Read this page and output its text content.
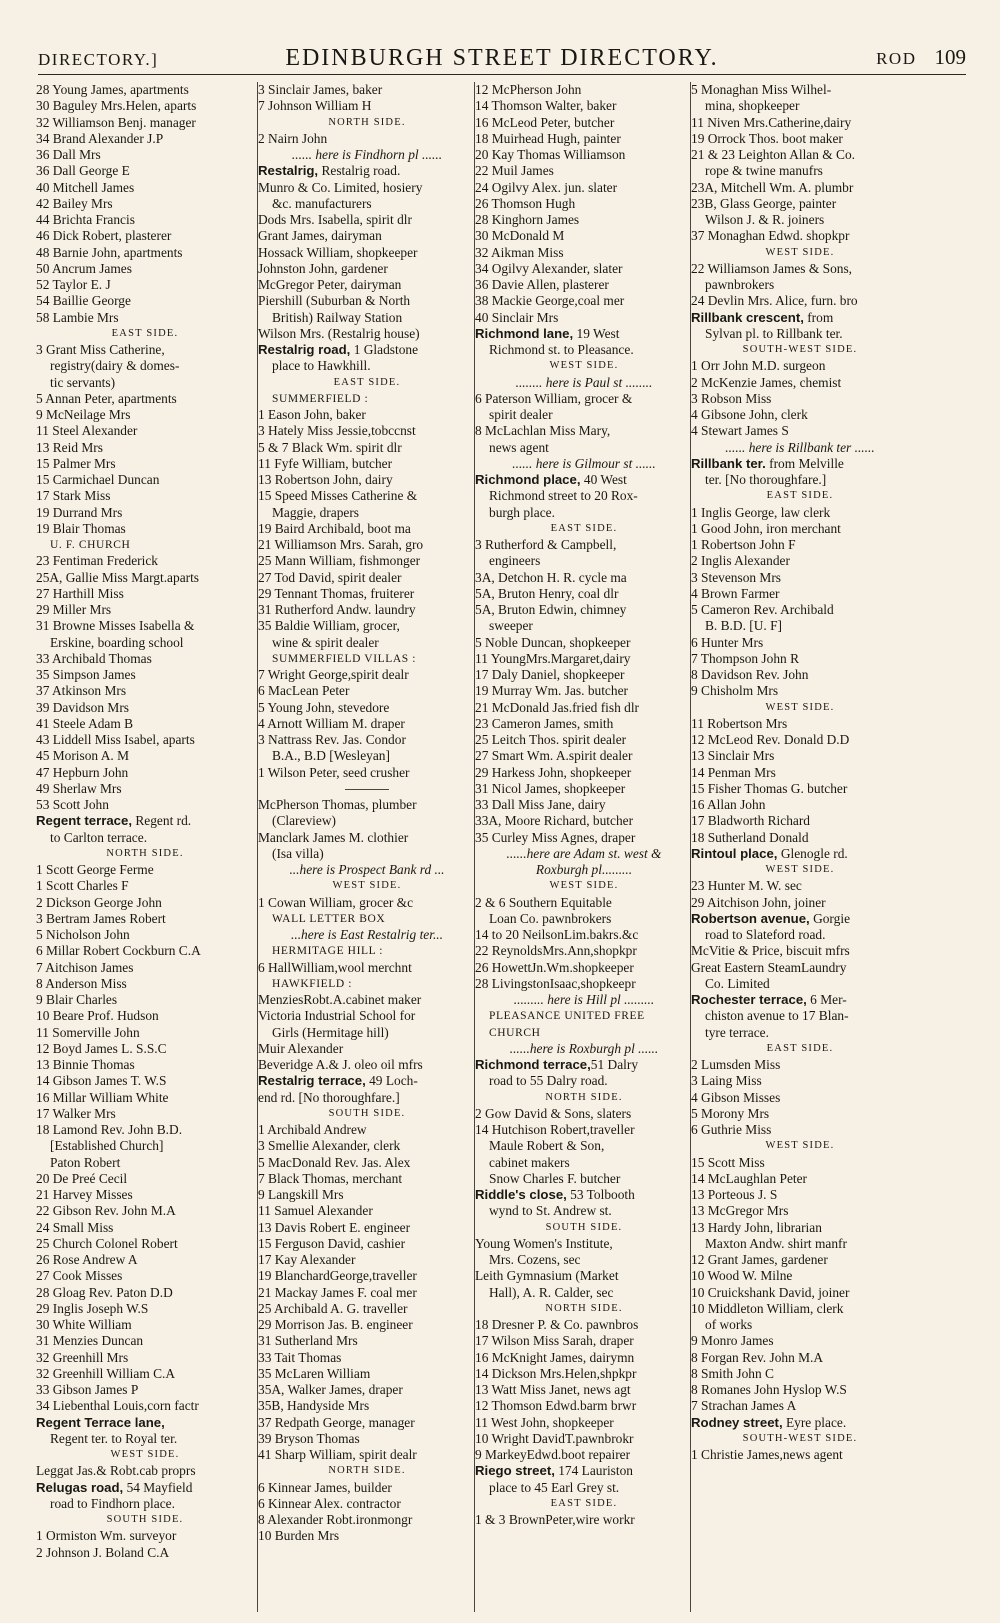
DIRECTORY.]	EDINBURGH STREET DIRECTORY.	ROD 109
28 Young James, apartments
30 Baguley Mrs.Helen, aparts
32 Williamson Benj. manager
34 Brand Alexander J.P
36 Dall Mrs
36 Dall George E
40 Mitchell James
42 Bailey Mrs
44 Brichta Francis
46 Dick Robert, plasterer
48 Barnie John, apartments
50 Ancrum James
52 Taylor E. J
54 Baillie George
58 Lambie Mrs
EAST SIDE.
3 Grant Miss Catherine,
registry(dairy & domes-
tic servants)
5 Annan Peter, apartments
9 McNeilage Mrs
11 Steel Alexander
13 Reid Mrs
15 Palmer Mrs
15 Carmichael Duncan
17 Stark Miss
19 Durrand Mrs
19 Blair Thomas
U. F. CHURCH
23 Fentiman Frederick
25A, Gallie Miss Margt.aparts
27 Harthill Miss
29 Miller Mrs
31 Browne Misses Isabella &
Erskine, boarding school
33 Archibald Thomas
35 Simpson James
37 Atkinson Mrs
39 Davidson Mrs
41 Steele Adam B
43 Liddell Miss Isabel, aparts
45 Morison A. M
47 Hepburn John
49 Sherlaw Mrs
53 Scott John
Regent terrace, Regent rd.
to Carlton terrace.
NORTH SIDE.
1 Scott George Ferme
1 Scott Charles F
2 Dickson George John
3 Bertram James Robert
5 Nicholson John
6 Millar Robert Cockburn C.A
7 Aitchison James
8 Anderson Miss
9 Blair Charles
10 Beare Prof. Hudson
11 Somerville John
12 Boyd James L. S.S.C
13 Binnie Thomas
14 Gibson James T. W.S
16 Millar William White
17 Walker Mrs
18 Lamond Rev. John B.D.
[Established Church]
Paton Robert
20 De Preé Cecil
21 Harvey Misses
22 Gibson Rev. John M.A
24 Small Miss
25 Church Colonel Robert
26 Rose Andrew A
27 Cook Misses
28 Gloag Rev. Paton D.D
29 Inglis Joseph W.S
30 White William
31 Menzies Duncan
32 Greenhill Mrs
32 Greenhill William C.A
33 Gibson James P
34 Liebenthal Louis,corn factr
Regent Terrace lane,
Regent ter. to Royal ter.
WEST SIDE.
Leggat Jas.& Robt.cab proprs
Relugas road, 54 Mayfield
road to Findhorn place.
SOUTH SIDE.
1 Ormiston Wm. surveyor
2 Johnson J. Boland C.A
3 Sinclair James, baker
7 Johnson William H
NORTH SIDE.
2 Nairn John
...... here is Findhorn pl ......
Restalrig, Restalrig road.
Munro & Co. Limited, hosiery
&c. manufacturers
Dods Mrs. Isabella, spirit dlr
Grant James, dairyman
Hossack William, shopkeeper
Johnston John, gardener
McGregor Peter, dairyman
Piershill (Suburban & North
British) Railway Station
Wilson Mrs. (Restalrig house)
Restalrig road, 1 Gladstone
place to Hawkhill.
EAST SIDE.
SUMMERFIELD :
1 Eason John, baker
3 Hately Miss Jessie,tobccnst
5 & 7 Black Wm. spirit dlr
11 Fyfe William, butcher
13 Robertson John, dairy
15 Speed Misses Catherine &
Maggie, drapers
19 Baird Archibald, boot ma
21 Williamson Mrs. Sarah, gro
25 Mann William, fishmonger
27 Tod David, spirit dealer
29 Tennant Thomas, fruiterer
31 Rutherford Andw. laundry
35 Baldie William, grocer,
wine & spirit dealer
SUMMERFIELD VILLAS :
7 Wright George,spirit dealr
6 MacLean Peter
5 Young John, stevedore
4 Arnott William M. draper
3 Nattrass Rev. Jas. Condor
B.A., B.D [Wesleyan]
1 Wilson Peter, seed crusher
McPherson Thomas, plumber
(Clareview)
Manclark James M. clothier
(Isa villa)
...here is Prospect Bank rd ...
WEST SIDE.
1 Cowan William, grocer &c
WALL LETTER BOX
...here is East Restalrig ter...
HERMITAGE HILL :
6 HallWilliam,wool merchnt
HAWKFIELD :
MenziesRobt.A.cabinet maker
Victoria Industrial School for
Girls (Hermitage hill)
Muir Alexander
Beveridge A.& J. oleo oil mfrs
Restalrig terrace, 49 Loch-
end rd. [No thoroughfare.]
SOUTH SIDE.
1 Archibald Andrew
3 Smellie Alexander, clerk
5 MacDonald Rev. Jas. Alex
7 Black Thomas, merchant
9 Langskill Mrs
11 Samuel Alexander
13 Davis Robert E. engineer
15 Ferguson David, cashier
17 Kay Alexander
19 BlanchardGeorge,traveller
21 Mackay James F. coal mer
25 Archibald A. G. traveller
29 Morrison Jas. B. engineer
31 Sutherland Mrs
33 Tait Thomas
35 McLaren William
35A, Walker James, draper
35B, Handyside Mrs
37 Redpath George, manager
39 Bryson Thomas
41 Sharp William, spirit dealr
NORTH SIDE.
6 Kinnear James, builder
6 Kinnear Alex. contractor
8 Alexander Robt.ironmongr
10 Burden Mrs
12 McPherson John
14 Thomson Walter, baker
16 McLeod Peter, butcher
18 Muirhead Hugh, painter
20 Kay Thomas Williamson
22 Muil James
24 Ogilvy Alex. jun. slater
26 Thomson Hugh
28 Kinghorn James
30 McDonald M
32 Aikman Miss
34 Ogilvy Alexander, slater
36 Davie Allen, plasterer
38 Mackie George,coal mer
40 Sinclair Mrs
Richmond lane, 19 West
Richmond st. to Pleasance.
WEST SIDE.
........ here is Paul st ........
6 Paterson William, grocer &
spirit dealer
8 McLachlan Miss Mary,
news agent
...... here is Gilmour st ......
Richmond place, 40 West
Richmond street to 20 Rox-
burgh place.
EAST SIDE.
3 Rutherford & Campbell,
engineers
3A, Detchon H. R. cycle ma
5A, Bruton Henry, coal dlr
5A, Bruton Edwin, chimney
sweeper
5 Noble Duncan, shopkeeper
11 YoungMrs.Margaret,dairy
17 Daly Daniel, shopkeeper
19 Murray Wm. Jas. butcher
21 McDonald Jas.fried fish dlr
23 Cameron James, smith
25 Leitch Thos. spirit dealer
27 Smart Wm. A.spirit dealer
29 Harkess John, shopkeeper
31 Nicol James, shopkeeper
33 Dall Miss Jane, dairy
33A, Moore Richard, butcher
35 Curley Miss Agnes, draper
......here are Adam st. west &
Roxburgh pl.........
WEST SIDE.
2 & 6 Southern Equitable
Loan Co. pawnbrokers
14 to 20 NeilsonLim.bakrs.&c
22 ReynoldsMrs.Ann,shopkpr
26 HowettJn.Wm.shopkeeper
28 LivingstonIsaac,shopkeepr
......... here is Hill pl .........
PLEASANCE UNITED FREE
CHURCH
......here is Roxburgh pl ......
Richmond terrace,51 Dalry
road to 55 Dalry road.
NORTH SIDE.
2 Gow David & Sons, slaters
14 Hutchison Robert,traveller
Maule Robert & Son,
cabinet makers
Snow Charles F. butcher
Riddle's close, 53 Tolbooth
wynd to St. Andrew st.
SOUTH SIDE.
Young Women's Institute,
Mrs. Cozens, sec
Leith Gymnasium (Market
Hall), A. R. Calder, sec
NORTH SIDE.
18 Dresner P. & Co. pawnbros
17 Wilson Miss Sarah, draper
16 McKnight James, dairymn
14 Dickson Mrs.Helen,shpkpr
13 Watt Miss Janet, news agt
12 Thomson Edwd.barm brwr
11 West John, shopkeeper
10 Wright DavidT.pawnbrokr
9 MarkeyEdwd.boot repairer
Riego street, 174 Lauriston
place to 45 Earl Grey st.
EAST SIDE.
1 & 3 BrownPeter,wire workr
5 Monaghan Miss Wilhel-
mina, shopkeeper
11 Niven Mrs.Catherine,dairy
19 Orrock Thos. boot maker
21 & 23 Leighton Allan & Co.
rope & twine manufrs
23A, Mitchell Wm. A. plumbr
23B, Glass George, painter
Wilson J. & R. joiners
37 Monaghan Edwd. shopkpr
WEST SIDE.
22 Williamson James & Sons,
pawnbrokers
24 Devlin Mrs. Alice, furn. bro
Rillbank crescent, from
Sylvan pl. to Rillbank ter.
SOUTH-WEST SIDE.
1 Orr John M.D. surgeon
2 McKenzie James, chemist
3 Robson Miss
4 Gibsone John, clerk
4 Stewart James S
...... here is Rillbank ter ......
Rillbank ter. from Melville
ter. [No thoroughfare.]
EAST SIDE.
1 Inglis George, law clerk
1 Good John, iron merchant
1 Robertson John F
2 Inglis Alexander
3 Stevenson Mrs
4 Brown Farmer
5 Cameron Rev. Archibald
B. B.D. [U. F]
6 Hunter Mrs
7 Thompson John R
8 Davidson Rev. John
9 Chisholm Mrs
WEST SIDE.
11 Robertson Mrs
12 McLeod Rev. Donald D.D
13 Sinclair Mrs
14 Penman Mrs
15 Fisher Thomas G. butcher
16 Allan John
17 Bladworth Richard
18 Sutherland Donald
Rintoul place, Glenogle rd.
WEST SIDE.
23 Hunter M. W. sec
29 Aitchison John, joiner
Robertson avenue, Gorgie
road to Slateford road.
McVitie & Price, biscuit mfrs
Great Eastern SteamLaundry
Co. Limited
Rochester terrace, 6 Mer-
chiston avenue to 17 Blan-
tyre terrace.
EAST SIDE.
2 Lumsden Miss
3 Laing Miss
4 Gibson Misses
5 Morony Mrs
6 Guthrie Miss
WEST SIDE.
15 Scott Miss
14 McLaughlan Peter
13 Porteous J. S
13 McGregor Mrs
13 Hardy John, librarian
Maxton Andw. shirt manfr
12 Grant James, gardener
10 Wood W. Milne
10 Cruickshank David, joiner
10 Middleton William, clerk
of works
9 Monro James
8 Forgan Rev. John M.A
8 Smith John C
8 Romanes John Hyslop W.S
7 Strachan James A
Rodney street, Eyre place.
SOUTH-WEST SIDE.
1 Christie James,news agent
